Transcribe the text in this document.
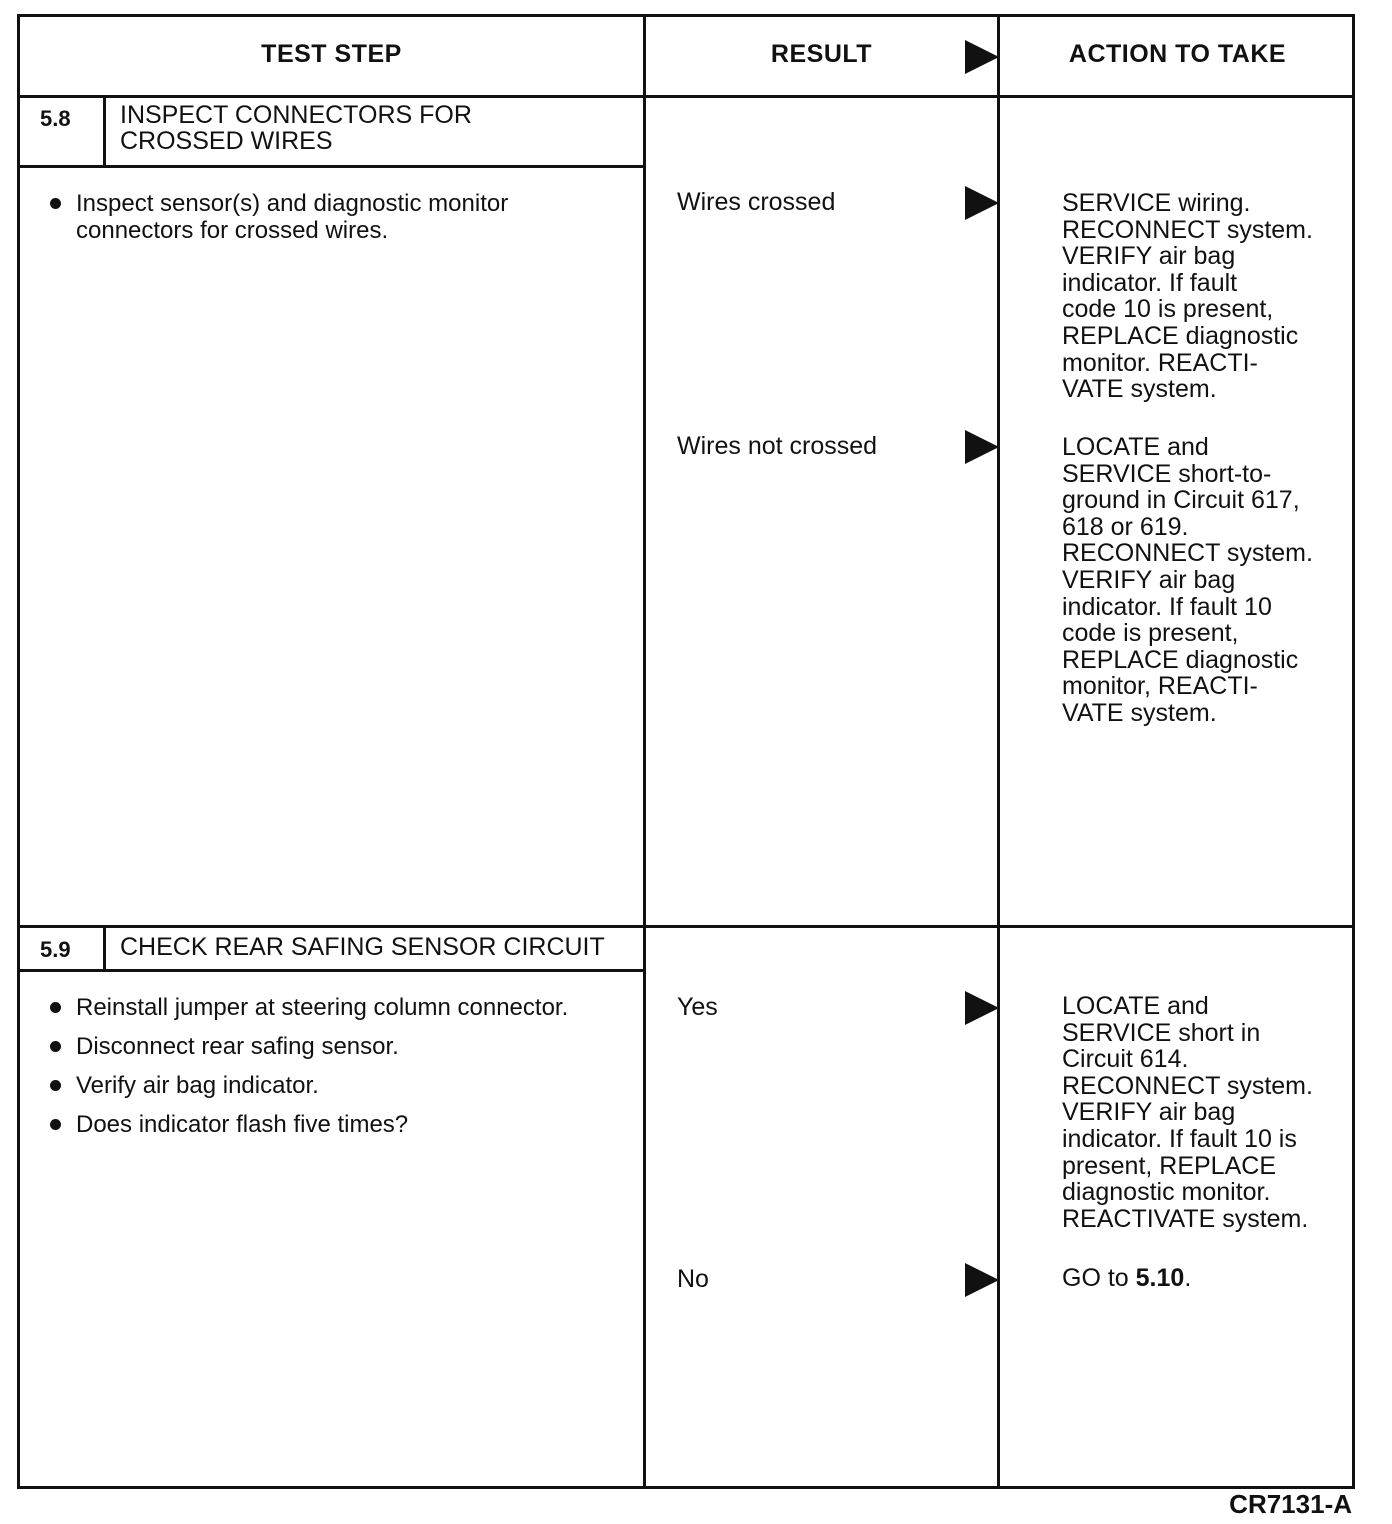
TEST STEP	RESULT	ACTION TO TAKE
5.8 INSPECT CONNECTORS FOR
CROSSED WIRES
Inspect sensor(s) and diagnostic monitor connectors for crossed wires.
Wires crossed	SERVICE wiring.
RECONNECT system.
VERIFY air bag
indicator. If fault
code 10 is present,
REPLACE diagnostic
monitor. REACTI-
VATE system.
Wires not crossed	LOCATE and
SERVICE short-to-
ground in Circuit 617,
618 or 619.
RECONNECT system.
VERIFY air bag
indicator. If fault 10
code is present,
REPLACE diagnostic
monitor, REACTI-
VATE system.
5.9 CHECK REAR SAFING SENSOR CIRCUIT
Reinstall jumper at steering column connector.
Disconnect rear safing sensor.
Verify air bag indicator.
Does indicator flash five times?
Yes	LOCATE and
SERVICE short in
Circuit 614.
RECONNECT system.
VERIFY air bag
indicator. If fault 10 is
present, REPLACE
diagnostic monitor.
REACTIVATE system.
No	GO to 5.10.
CR7131-A
